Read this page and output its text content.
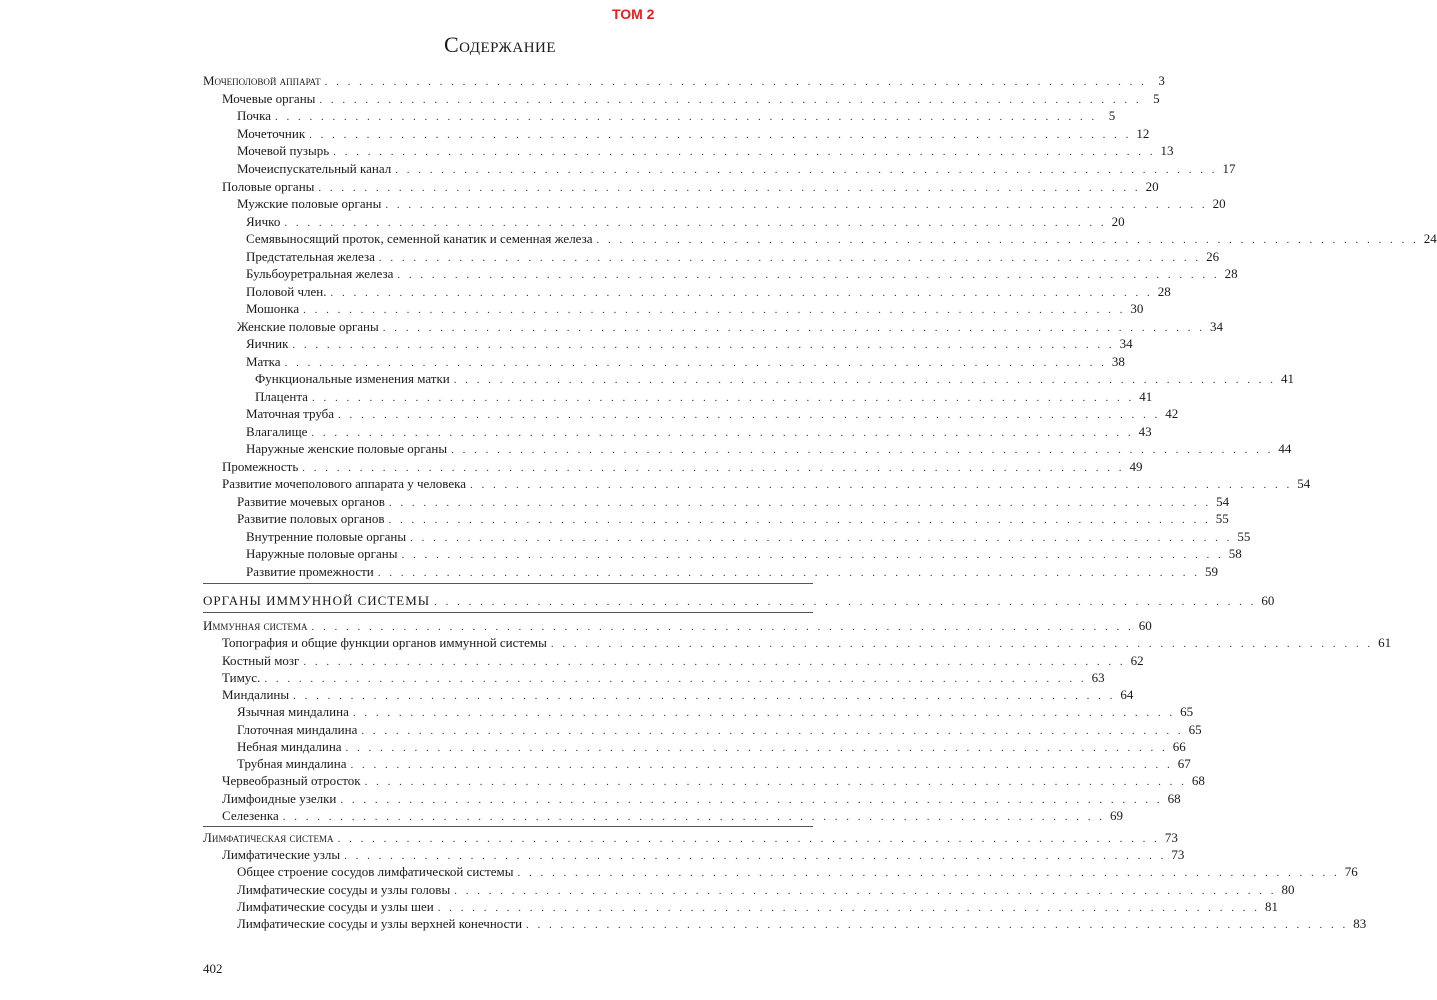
ТОМ 2
Содержание
Мочеполовой аппарат . . . . . . . . . . . . . . . . . . . . . . . . . . . . . . . . . . . . . . . . . . . . . . . . . . . . . . . . . . . . . . . . . . . . . . . . 3
Мочевые органы . . . . . . . . . . . . . . . . . . . . . . . . . . . . . . . . . . . . . . . . . . . . . . . . . . . . . . . . . . . . . . . . . . . . . . . . 5
Почка . . . . . . . . . . . . . . . . . . . . . . . . . . . . . . . . . . . . . . . . . . . . . . . . . . . . . . . . . . . . . . . . . . . . . . . . 5
Мочеточник . . . . . . . . . . . . . . . . . . . . . . . . . . . . . . . . . . . . . . . . . . . . . . . . . . . . . . . . . . . . . . . . . . . . . . . . 12
Мочевой пузырь . . . . . . . . . . . . . . . . . . . . . . . . . . . . . . . . . . . . . . . . . . . . . . . . . . . . . . . . . . . . . . . . . . . . . . . . 13
Мочеиспускательный канал . . . . . . . . . . . . . . . . . . . . . . . . . . . . . . . . . . . . . . . . . . . . . . . . . . . . . . . . . . . . . . . . . . . . . . . . 17
Половые органы . . . . . . . . . . . . . . . . . . . . . . . . . . . . . . . . . . . . . . . . . . . . . . . . . . . . . . . . . . . . . . . . . . . . . . . . 20
Мужские половые органы . . . . . . . . . . . . . . . . . . . . . . . . . . . . . . . . . . . . . . . . . . . . . . . . . . . . . . . . . . . . . . . . . . . . . . . . 20
Яичко . . . . . . . . . . . . . . . . . . . . . . . . . . . . . . . . . . . . . . . . . . . . . . . . . . . . . . . . . . . . . . . . . . . . . . . . 20
Семявыносящий проток, семенной канатик и семенная железа . . . . . . . . . . . . . . . . . . . . . . . . . . . . . . . . . . . . . . . . . . . . . . . . . . . . . . . . . . . . . . . . . . . . . . . . 24
Предстательная железа . . . . . . . . . . . . . . . . . . . . . . . . . . . . . . . . . . . . . . . . . . . . . . . . . . . . . . . . . . . . . . . . . . . . . . . . 26
Бульбоуретральная железа . . . . . . . . . . . . . . . . . . . . . . . . . . . . . . . . . . . . . . . . . . . . . . . . . . . . . . . . . . . . . . . . . . . . . . . . 28
Половой член. . . . . . . . . . . . . . . . . . . . . . . . . . . . . . . . . . . . . . . . . . . . . . . . . . . . . . . . . . . . . . . . . . . . . . . . . 28
Мошонка . . . . . . . . . . . . . . . . . . . . . . . . . . . . . . . . . . . . . . . . . . . . . . . . . . . . . . . . . . . . . . . . . . . . . . . . 30
Женские половые органы . . . . . . . . . . . . . . . . . . . . . . . . . . . . . . . . . . . . . . . . . . . . . . . . . . . . . . . . . . . . . . . . . . . . . . . . 34
Яичник . . . . . . . . . . . . . . . . . . . . . . . . . . . . . . . . . . . . . . . . . . . . . . . . . . . . . . . . . . . . . . . . . . . . . . . . 34
Матка . . . . . . . . . . . . . . . . . . . . . . . . . . . . . . . . . . . . . . . . . . . . . . . . . . . . . . . . . . . . . . . . . . . . . . . . 38
Функциональные изменения матки . . . . . . . . . . . . . . . . . . . . . . . . . . . . . . . . . . . . . . . . . . . . . . . . . . . . . . . . . . . . . . . . . . . . . . . . 41
Плацента . . . . . . . . . . . . . . . . . . . . . . . . . . . . . . . . . . . . . . . . . . . . . . . . . . . . . . . . . . . . . . . . . . . . . . . . 41
Маточная труба . . . . . . . . . . . . . . . . . . . . . . . . . . . . . . . . . . . . . . . . . . . . . . . . . . . . . . . . . . . . . . . . . . . . . . . . 42
Влагалище . . . . . . . . . . . . . . . . . . . . . . . . . . . . . . . . . . . . . . . . . . . . . . . . . . . . . . . . . . . . . . . . . . . . . . . . 43
Наружные женские половые органы . . . . . . . . . . . . . . . . . . . . . . . . . . . . . . . . . . . . . . . . . . . . . . . . . . . . . . . . . . . . . . . . . . . . . . . . 44
Промежность . . . . . . . . . . . . . . . . . . . . . . . . . . . . . . . . . . . . . . . . . . . . . . . . . . . . . . . . . . . . . . . . . . . . . . . . 49
Развитие мочеполового аппарата у человека . . . . . . . . . . . . . . . . . . . . . . . . . . . . . . . . . . . . . . . . . . . . . . . . . . . . . . . . . . . . . . . . . . . . . . . . 54
Развитие мочевых органов . . . . . . . . . . . . . . . . . . . . . . . . . . . . . . . . . . . . . . . . . . . . . . . . . . . . . . . . . . . . . . . . . . . . . . . . 54
Развитие половых органов . . . . . . . . . . . . . . . . . . . . . . . . . . . . . . . . . . . . . . . . . . . . . . . . . . . . . . . . . . . . . . . . . . . . . . . . 55
Внутренние половые органы . . . . . . . . . . . . . . . . . . . . . . . . . . . . . . . . . . . . . . . . . . . . . . . . . . . . . . . . . . . . . . . . . . . . . . . . 55
Наружные половые органы . . . . . . . . . . . . . . . . . . . . . . . . . . . . . . . . . . . . . . . . . . . . . . . . . . . . . . . . . . . . . . . . . . . . . . . . 58
Развитие промежности . . . . . . . . . . . . . . . . . . . . . . . . . . . . . . . . . . . . . . . . . . . . . . . . . . . . . . . . . . . . . . . . . . . . . . . . 59
ОРГАНЫ ИММУННОЙ СИСТЕМЫ . . . . . . . . . . . . . . . . . . . . . . . . . . . . . . . . . . . . . . . . . . . . . . . . . . . . . . . . . . . . . . . . . . . . . . . . 60
Иммунная система . . . . . . . . . . . . . . . . . . . . . . . . . . . . . . . . . . . . . . . . . . . . . . . . . . . . . . . . . . . . . . . . . . . . . . . . 60
Топография и общие функции органов иммунной системы . . . . . . . . . . . . . . . . . . . . . . . . . . . . . . . . . . . . . . . . . . . . . . . . . . . . . . . . . . . . . . . . . . . . . . . . 61
Костный мозг . . . . . . . . . . . . . . . . . . . . . . . . . . . . . . . . . . . . . . . . . . . . . . . . . . . . . . . . . . . . . . . . . . . . . . . . 62
Тимус. . . . . . . . . . . . . . . . . . . . . . . . . . . . . . . . . . . . . . . . . . . . . . . . . . . . . . . . . . . . . . . . . . . . . . . . . 63
Миндалины . . . . . . . . . . . . . . . . . . . . . . . . . . . . . . . . . . . . . . . . . . . . . . . . . . . . . . . . . . . . . . . . . . . . . . . . 64
Язычная миндалина . . . . . . . . . . . . . . . . . . . . . . . . . . . . . . . . . . . . . . . . . . . . . . . . . . . . . . . . . . . . . . . . . . . . . . . . 65
Глоточная миндалина . . . . . . . . . . . . . . . . . . . . . . . . . . . . . . . . . . . . . . . . . . . . . . . . . . . . . . . . . . . . . . . . . . . . . . . . 65
Небная миндалина . . . . . . . . . . . . . . . . . . . . . . . . . . . . . . . . . . . . . . . . . . . . . . . . . . . . . . . . . . . . . . . . . . . . . . . . 66
Трубная миндалина . . . . . . . . . . . . . . . . . . . . . . . . . . . . . . . . . . . . . . . . . . . . . . . . . . . . . . . . . . . . . . . . . . . . . . . . 67
Червеобразный отросток . . . . . . . . . . . . . . . . . . . . . . . . . . . . . . . . . . . . . . . . . . . . . . . . . . . . . . . . . . . . . . . . . . . . . . . . 68
Лимфоидные узелки . . . . . . . . . . . . . . . . . . . . . . . . . . . . . . . . . . . . . . . . . . . . . . . . . . . . . . . . . . . . . . . . . . . . . . . . 68
Селезенка . . . . . . . . . . . . . . . . . . . . . . . . . . . . . . . . . . . . . . . . . . . . . . . . . . . . . . . . . . . . . . . . . . . . . . . . 69
Лимфатическая система . . . . . . . . . . . . . . . . . . . . . . . . . . . . . . . . . . . . . . . . . . . . . . . . . . . . . . . . . . . . . . . . . . . . . . . . 73
Лимфатические узлы . . . . . . . . . . . . . . . . . . . . . . . . . . . . . . . . . . . . . . . . . . . . . . . . . . . . . . . . . . . . . . . . . . . . . . . . 73
Общее строение сосудов лимфатической системы . . . . . . . . . . . . . . . . . . . . . . . . . . . . . . . . . . . . . . . . . . . . . . . . . . . . . . . . . . . . . . . . . . . . . . . . 76
Лимфатические сосуды и узлы головы . . . . . . . . . . . . . . . . . . . . . . . . . . . . . . . . . . . . . . . . . . . . . . . . . . . . . . . . . . . . . . . . . . . . . . . . 80
Лимфатические сосуды и узлы шеи . . . . . . . . . . . . . . . . . . . . . . . . . . . . . . . . . . . . . . . . . . . . . . . . . . . . . . . . . . . . . . . . . . . . . . . . 81
Лимфатические сосуды и узлы верхней конечности . . . . . . . . . . . . . . . . . . . . . . . . . . . . . . . . . . . . . . . . . . . . . . . . . . . . . . . . . . . . . . . . . . . . . . . . 83
402
